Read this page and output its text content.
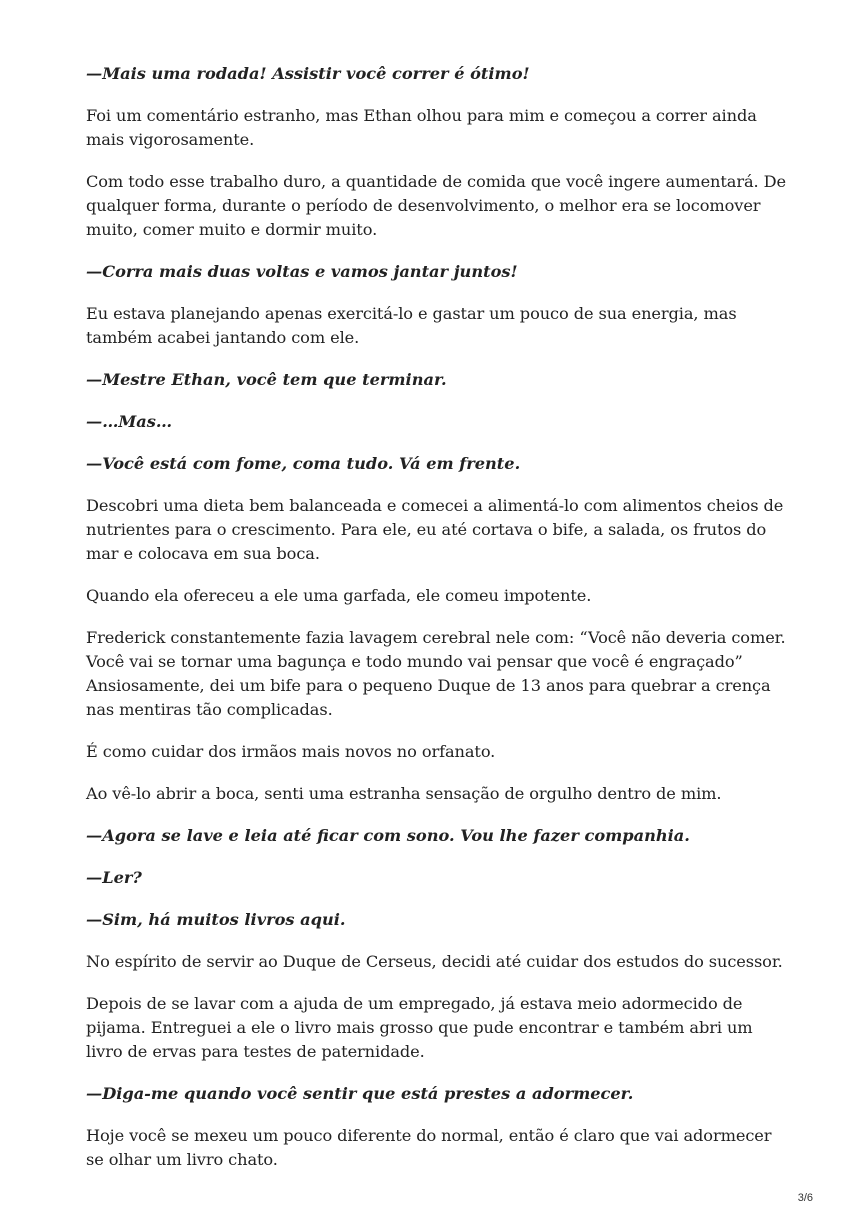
—Mais uma rodada! Assistir você correr é ótimo!

Foi um comentário estranho, mas Ethan olhou para mim e começou a correr ainda mais vigorosamente.

Com todo esse trabalho duro, a quantidade de comida que você ingere aumentará. De qualquer forma, durante o período de desenvolvimento, o melhor era se locomover muito, comer muito e dormir muito.

—Corra mais duas voltas e vamos jantar juntos!

Eu estava planejando apenas exercitá-lo e gastar um pouco de sua energia, mas também acabei jantando com ele.

—Mestre Ethan, você tem que terminar.

—…Mas…

—Você está com fome, coma tudo. Vá em frente.

Descobri uma dieta bem balanceada e comecei a alimentá-lo com alimentos cheios de nutrientes para o crescimento. Para ele, eu até cortava o bife, a salada, os frutos do mar e colocava em sua boca.

Quando ela ofereceu a ele uma garfada, ele comeu impotente.

Frederick constantemente fazia lavagem cerebral nele com: “Você não deveria comer. Você vai se tornar uma bagunça e todo mundo vai pensar que você é engraçado” Ansiosamente, dei um bife para o pequeno Duque de 13 anos para quebrar a crença nas mentiras tão complicadas.

É como cuidar dos irmãos mais novos no orfanato.

Ao vê-lo abrir a boca, senti uma estranha sensação de orgulho dentro de mim.

—Agora se lave e leia até ficar com sono. Vou lhe fazer companhia.

—Ler?

—Sim, há muitos livros aqui.

No espírito de servir ao Duque de Cerseus, decidi até cuidar dos estudos do sucessor.

Depois de se lavar com a ajuda de um empregado, já estava meio adormecido de pijama. Entreguei a ele o livro mais grosso que pude encontrar e também abri um livro de ervas para testes de paternidade.

—Diga-me quando você sentir que está prestes a adormecer.

Hoje você se mexeu um pouco diferente do normal, então é claro que vai adormecer se olhar um livro chato.

3/6
